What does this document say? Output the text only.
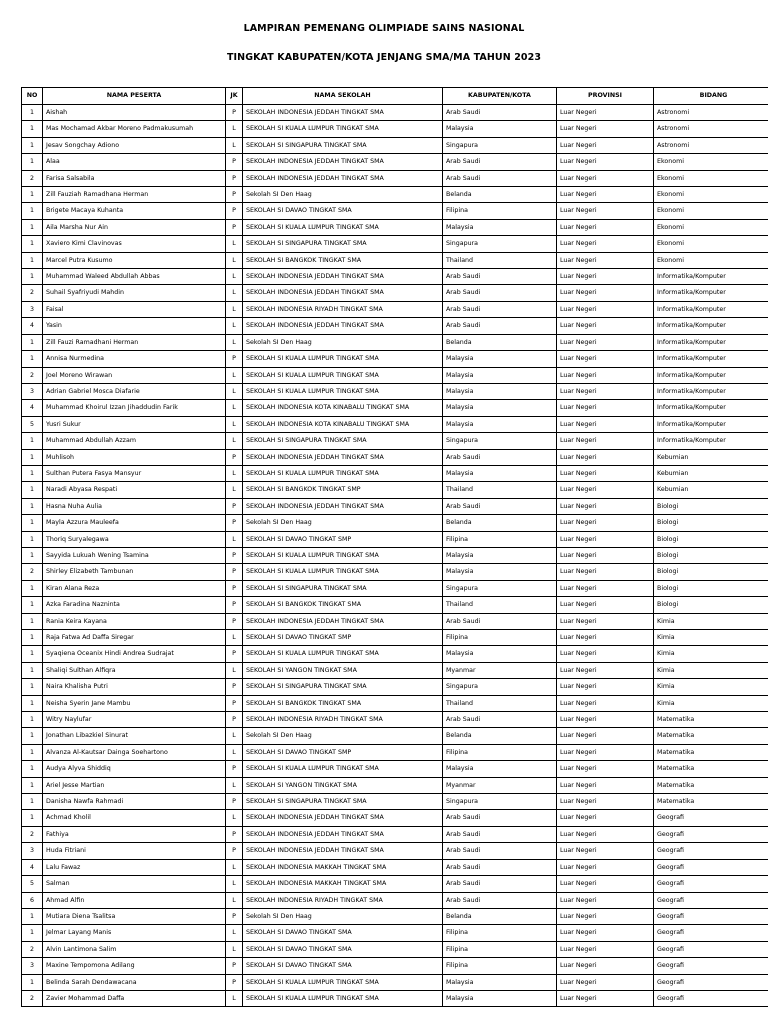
LAMPIRAN PEMENANG OLIMPIADE SAINS NASIONAL
TINGKAT KABUPATEN/KOTA JENJANG SMA/MA TAHUN 2023
NO	NAMA PESERTA	JK	NAMA SEKOLAH	KABUPATEN/KOTA	PROVINSI	BIDANG
1	Aishah	P	SEKOLAH INDONESIA JEDDAH TINGKAT SMA	Arab Saudi	Luar Negeri	Astronomi
1	Mas Mochamad Akbar Moreno Padmakusumah	L	SEKOLAH SI KUALA LUMPUR TINGKAT SMA	Malaysia	Luar Negeri	Astronomi
1	Jesav Songchay Adiono	L	SEKOLAH SI SINGAPURA TINGKAT SMA	Singapura	Luar Negeri	Astronomi
1	Alaa	P	SEKOLAH INDONESIA JEDDAH TINGKAT SMA	Arab Saudi	Luar Negeri	Ekonomi
2	Farisa Salsabila	P	SEKOLAH INDONESIA JEDDAH TINGKAT SMA	Arab Saudi	Luar Negeri	Ekonomi
1	Zill Fauziah Ramadhana Herman	P	Sekolah SI Den Haag	Belanda	Luar Negeri	Ekonomi
1	Brigete Macaya Kuhanta	P	SEKOLAH SI DAVAO TINGKAT SMA	Filipina	Luar Negeri	Ekonomi
1	Aila Marsha Nur Ain	P	SEKOLAH SI KUALA LUMPUR TINGKAT SMA	Malaysia	Luar Negeri	Ekonomi
1	Xaviero Kimi Clavinovas	L	SEKOLAH SI SINGAPURA TINGKAT SMA	Singapura	Luar Negeri	Ekonomi
1	Marcel Putra Kusumo	L	SEKOLAH SI BANGKOK TINGKAT SMA	Thailand	Luar Negeri	Ekonomi
1	Muhammad Waleed Abdullah Abbas	L	SEKOLAH INDONESIA JEDDAH TINGKAT SMA	Arab Saudi	Luar Negeri	Informatika/Komputer
2	Suhail Syafriyudi Mahdin	L	SEKOLAH INDONESIA JEDDAH TINGKAT SMA	Arab Saudi	Luar Negeri	Informatika/Komputer
3	Faisal	L	SEKOLAH INDONESIA RIYADH TINGKAT SMA	Arab Saudi	Luar Negeri	Informatika/Komputer
4	Yasin	L	SEKOLAH INDONESIA JEDDAH TINGKAT SMA	Arab Saudi	Luar Negeri	Informatika/Komputer
1	Zill Fauzi Ramadhani Herman	L	Sekolah SI Den Haag	Belanda	Luar Negeri	Informatika/Komputer
1	Annisa Nurmedina	P	SEKOLAH SI KUALA LUMPUR TINGKAT SMA	Malaysia	Luar Negeri	Informatika/Komputer
2	Joel Moreno Wirawan	L	SEKOLAH SI KUALA LUMPUR TINGKAT SMA	Malaysia	Luar Negeri	Informatika/Komputer
3	Adrian Gabriel Mosca Diafarie	L	SEKOLAH SI KUALA LUMPUR TINGKAT SMA	Malaysia	Luar Negeri	Informatika/Komputer
4	Muhammad Khoirul Izzan Jihaddudin Farik	L	SEKOLAH INDONESIA KOTA KINABALU TINGKAT SMA	Malaysia	Luar Negeri	Informatika/Komputer
5	Yusri Sukur	L	SEKOLAH INDONESIA KOTA KINABALU TINGKAT SMA	Malaysia	Luar Negeri	Informatika/Komputer
1	Muhammad Abdullah Azzam	L	SEKOLAH SI SINGAPURA TINGKAT SMA	Singapura	Luar Negeri	Informatika/Komputer
1	Muhlisoh	P	SEKOLAH INDONESIA JEDDAH TINGKAT SMA	Arab Saudi	Luar Negeri	Kebumian
1	Sulthan Putera Fasya Mansyur	L	SEKOLAH SI KUALA LUMPUR TINGKAT SMA	Malaysia	Luar Negeri	Kebumian
1	Naradi Abyasa Respati	L	SEKOLAH SI BANGKOK TINGKAT SMP	Thailand	Luar Negeri	Kebumian
1	Hasna Nuha Aulia	P	SEKOLAH INDONESIA JEDDAH TINGKAT SMA	Arab Saudi	Luar Negeri	Biologi
1	Mayla Azzura Mauleefa	P	Sekolah SI Den Haag	Belanda	Luar Negeri	Biologi
1	Thoriq Suryalegawa	L	SEKOLAH SI DAVAO TINGKAT SMP	Filipina	Luar Negeri	Biologi
1	Sayyida Lukuah Wening Tsamina	P	SEKOLAH SI KUALA LUMPUR TINGKAT SMA	Malaysia	Luar Negeri	Biologi
2	Shirley Elizabeth Tambunan	P	SEKOLAH SI KUALA LUMPUR TINGKAT SMA	Malaysia	Luar Negeri	Biologi
1	Kiran Alana Reza	P	SEKOLAH SI SINGAPURA TINGKAT SMA	Singapura	Luar Negeri	Biologi
1	Azka Faradina Nazninta	P	SEKOLAH SI BANGKOK TINGKAT SMA	Thailand	Luar Negeri	Biologi
1	Rania Keira Kayana	P	SEKOLAH INDONESIA JEDDAH TINGKAT SMA	Arab Saudi	Luar Negeri	Kimia
1	Raja Fatwa Ad Daffa Siregar	L	SEKOLAH SI DAVAO TINGKAT SMP	Filipina	Luar Negeri	Kimia
1	Syaqiena Oceanix Hindi Andrea Sudrajat	P	SEKOLAH SI KUALA LUMPUR TINGKAT SMA	Malaysia	Luar Negeri	Kimia
1	Shaliqi Sulthan Alfiqra	L	SEKOLAH SI YANGON TINGKAT SMA	Myanmar	Luar Negeri	Kimia
1	Naira Khalisha Putri	P	SEKOLAH SI SINGAPURA TINGKAT SMA	Singapura	Luar Negeri	Kimia
1	Neisha Syerin Jane Mambu	P	SEKOLAH SI BANGKOK TINGKAT SMA	Thailand	Luar Negeri	Kimia
1	Witry Naylufar	P	SEKOLAH INDONESIA RIYADH TINGKAT SMA	Arab Saudi	Luar Negeri	Matematika
1	Jonathan Libazkiel Sinurat	L	Sekolah SI Den Haag	Belanda	Luar Negeri	Matematika
1	Alvanza Al-Kautsar Dainga Soehartono	L	SEKOLAH SI DAVAO TINGKAT SMP	Filipina	Luar Negeri	Matematika
1	Audya Alyva Shiddiq	P	SEKOLAH SI KUALA LUMPUR TINGKAT SMA	Malaysia	Luar Negeri	Matematika
1	Ariel Jesse Martian	L	SEKOLAH SI YANGON TINGKAT SMA	Myanmar	Luar Negeri	Matematika
1	Danisha Nawfa Rahmadi	P	SEKOLAH SI SINGAPURA TINGKAT SMA	Singapura	Luar Negeri	Matematika
1	Achmad Kholil	L	SEKOLAH INDONESIA JEDDAH TINGKAT SMA	Arab Saudi	Luar Negeri	Geografi
2	Fathiya	P	SEKOLAH INDONESIA JEDDAH TINGKAT SMA	Arab Saudi	Luar Negeri	Geografi
3	Huda Fitriani	P	SEKOLAH INDONESIA JEDDAH TINGKAT SMA	Arab Saudi	Luar Negeri	Geografi
4	Lalu Fawaz	L	SEKOLAH INDONESIA MAKKAH TINGKAT SMA	Arab Saudi	Luar Negeri	Geografi
5	Salman	L	SEKOLAH INDONESIA MAKKAH TINGKAT SMA	Arab Saudi	Luar Negeri	Geografi
6	Ahmad Alfin	L	SEKOLAH INDONESIA RIYADH TINGKAT SMA	Arab Saudi	Luar Negeri	Geografi
1	Mutiara Diena Tsalitsa	P	Sekolah SI Den Haag	Belanda	Luar Negeri	Geografi
1	Jelmar Layang Manis	L	SEKOLAH SI DAVAO TINGKAT SMA	Filipina	Luar Negeri	Geografi
2	Alvin Lantimona Salim	L	SEKOLAH SI DAVAO TINGKAT SMA	Filipina	Luar Negeri	Geografi
3	Maxine Tempomona Adilang	P	SEKOLAH SI DAVAO TINGKAT SMA	Filipina	Luar Negeri	Geografi
1	Belinda Sarah Dendawacana	P	SEKOLAH SI KUALA LUMPUR TINGKAT SMA	Malaysia	Luar Negeri	Geografi
2	Zavier Mohammad Daffa	L	SEKOLAH SI KUALA LUMPUR TINGKAT SMA	Malaysia	Luar Negeri	Geografi
